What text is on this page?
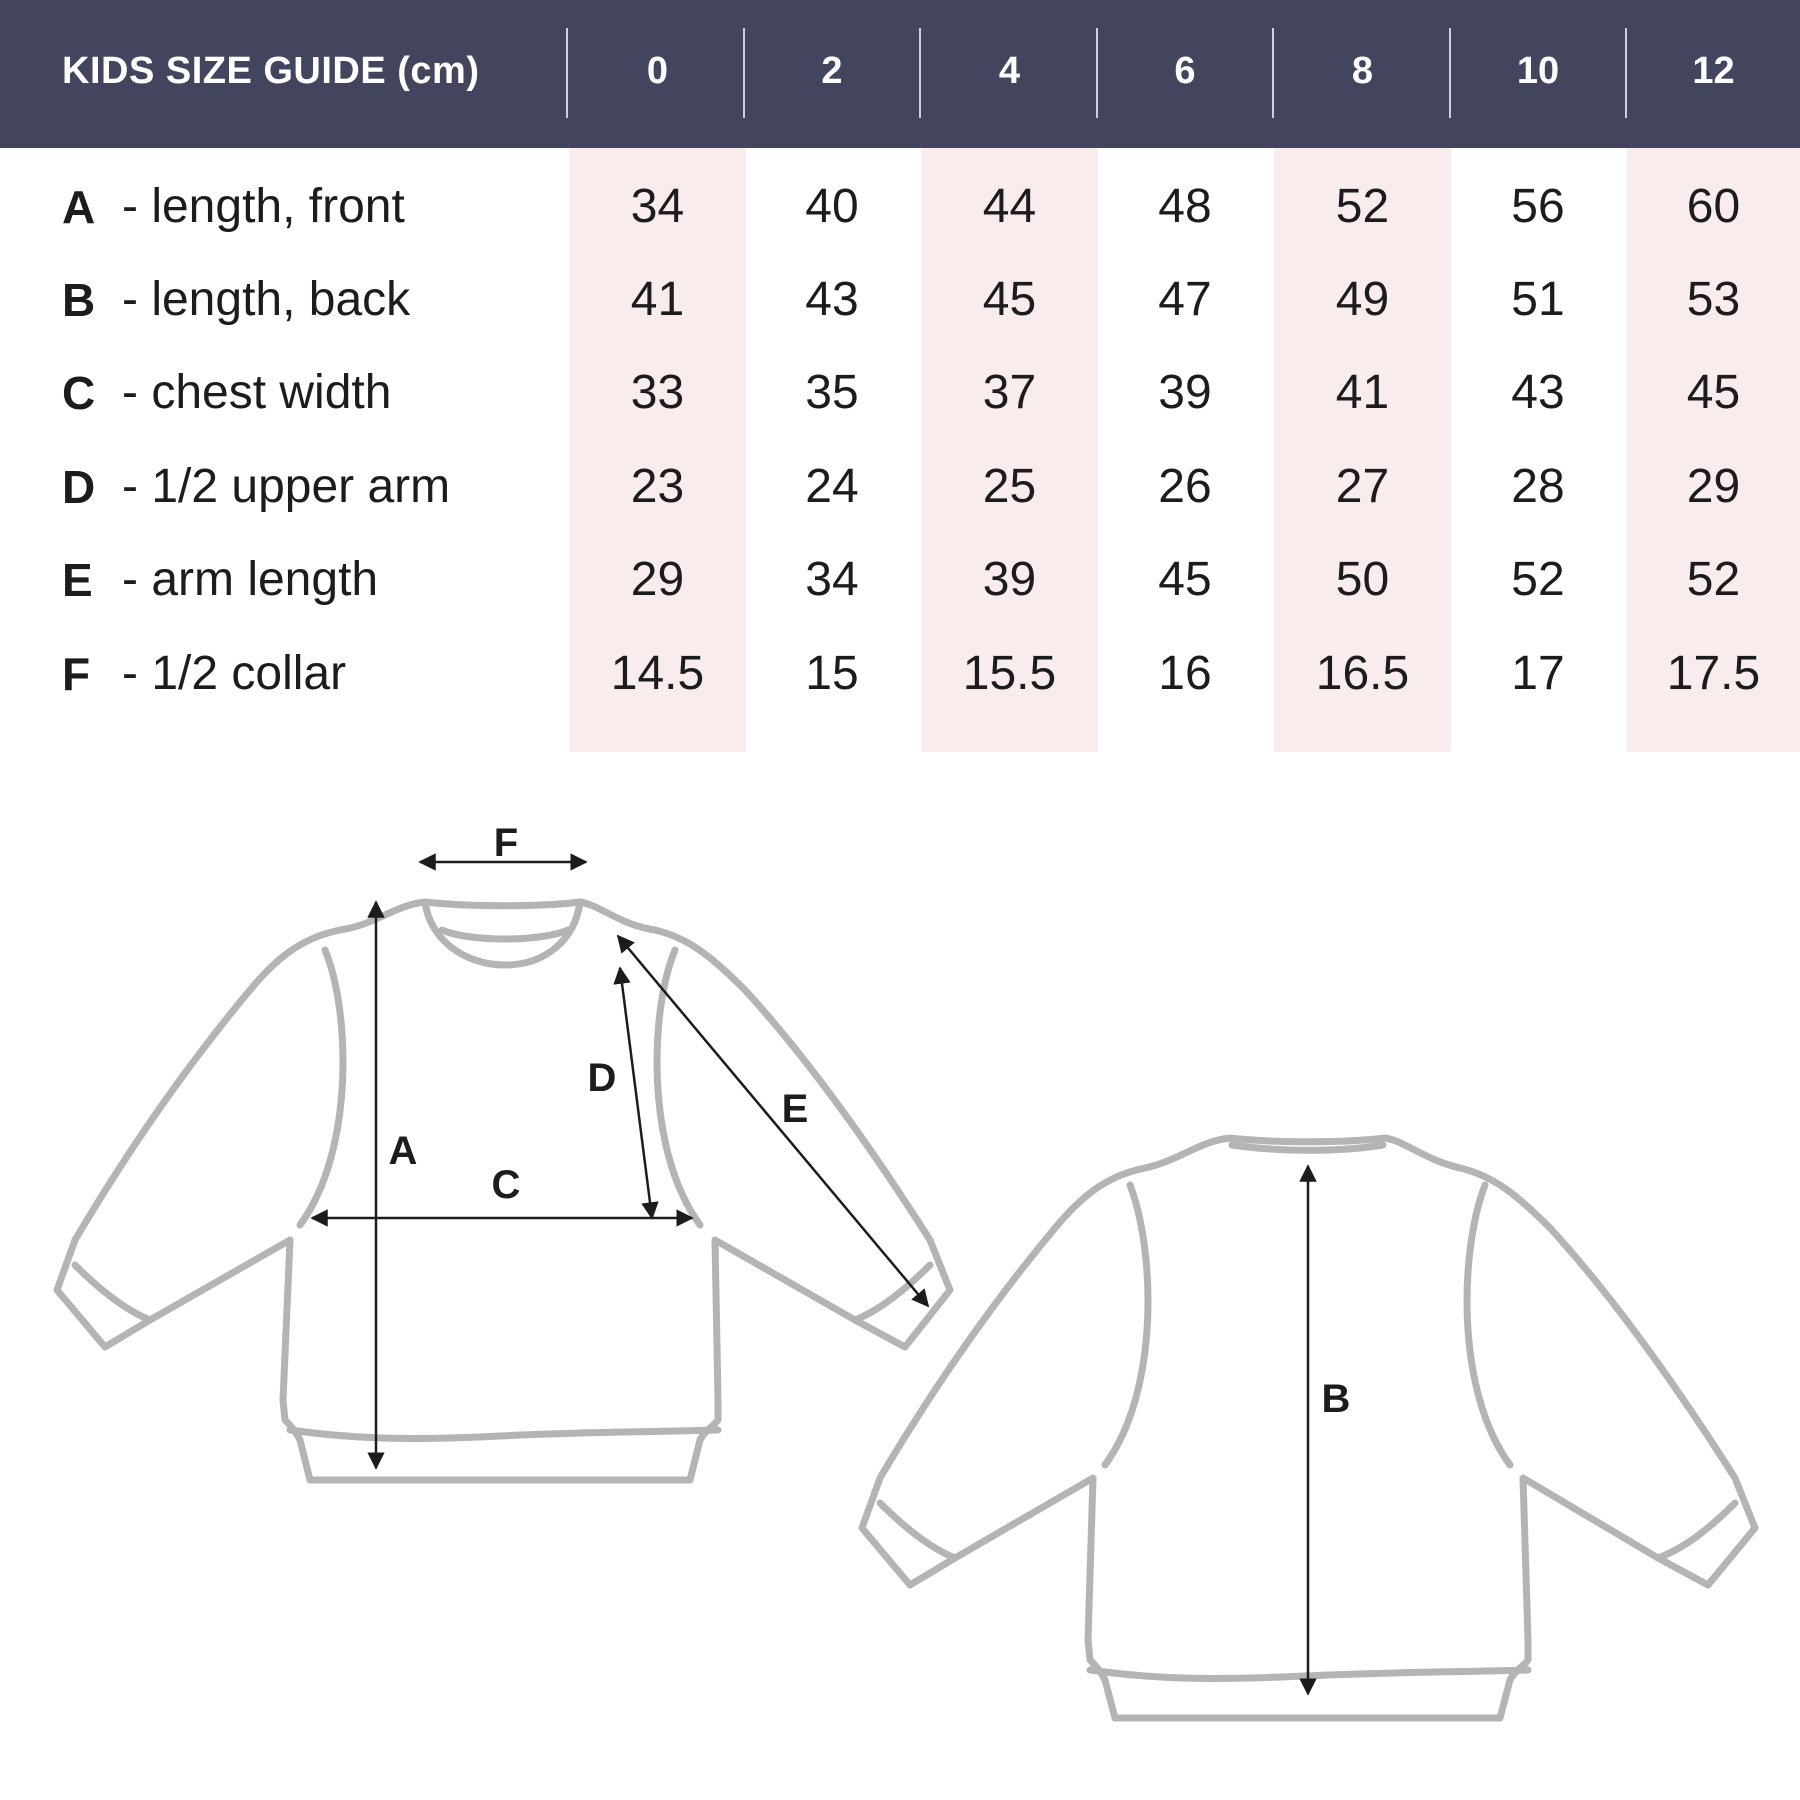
KIDS SIZE GUIDE (cm)	0	2	4	6	8	10	12
A - length, front	34	40	44	48	52	56	60
B - length, back	41	43	45	47	49	51	53
C - chest width	33	35	37	39	41	43	45
D - 1/2 upper arm	23	24	25	26	27	28	29
E - arm length	29	34	39	45	50	52	52
F - 1/2 collar	14.5	15	15.5	16	16.5	17	17.5
F
A
C
D
E
B
